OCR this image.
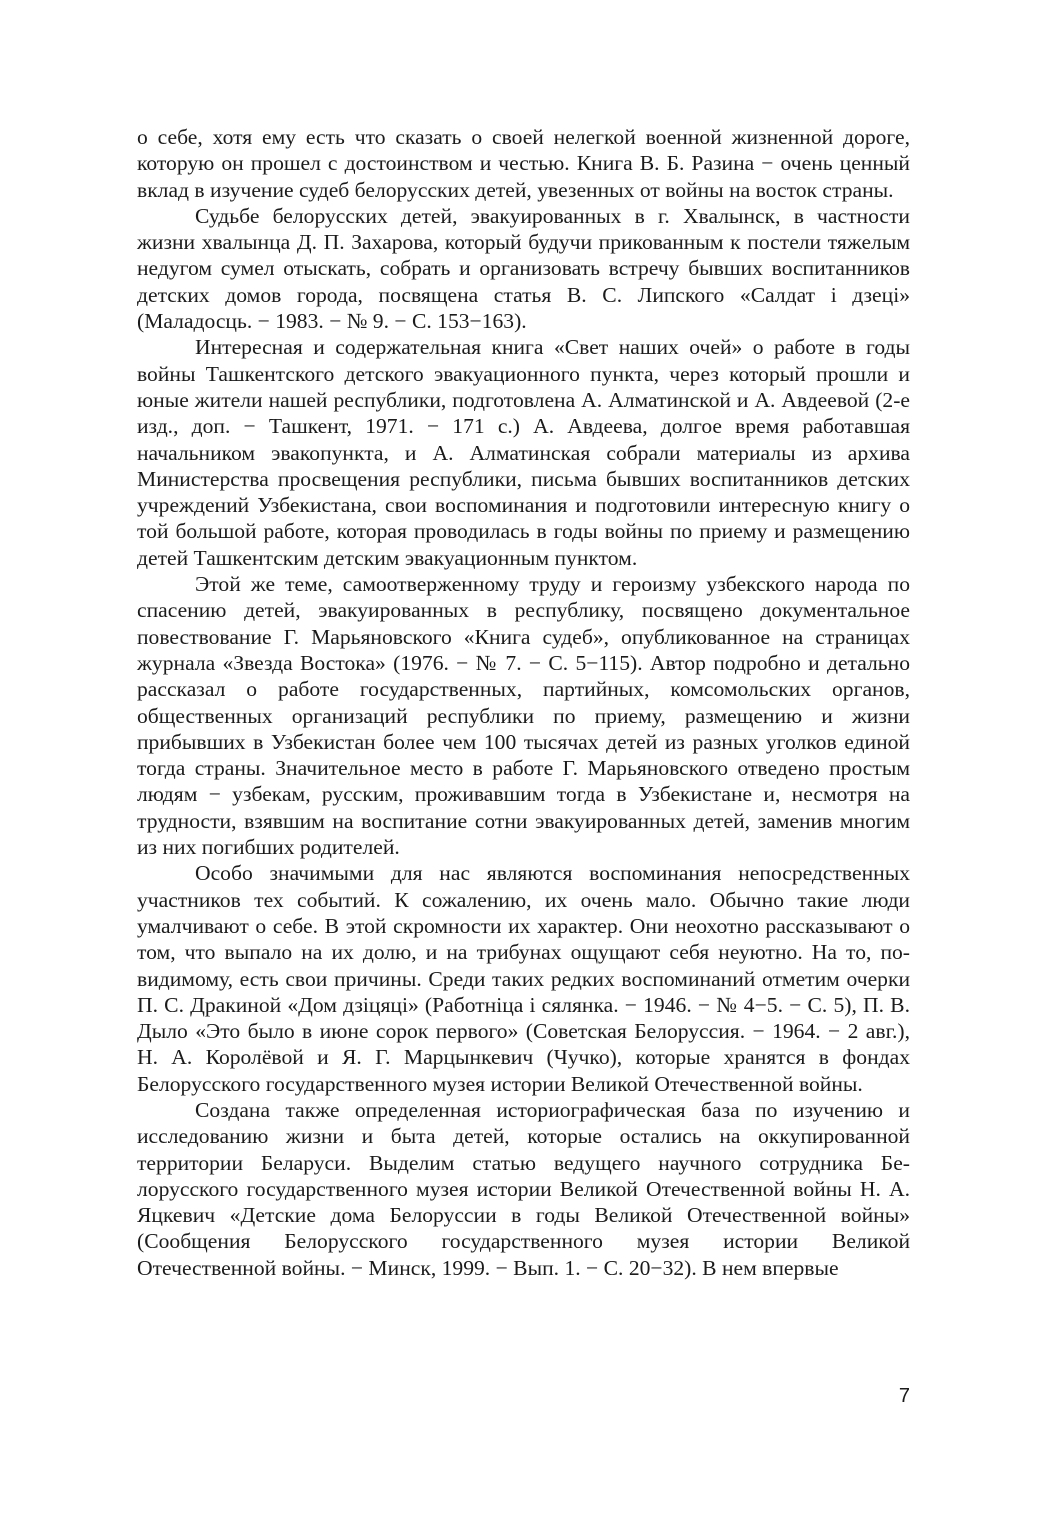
о себе, хотя ему есть что сказать о своей нелегкой военной жизненной дороге, которую он прошел с достоинством и честью. Книга В. Б. Разина − очень ценный вклад в изучение судеб белорусских детей, увезенных от войны на восток страны.

Судьбе белорусских детей, эвакуированных в г. Хвалынск, в частности жизни хвалынца Д. П. Захарова, который будучи прикованным к постели тяжелым недугом сумел отыскать, собрать и организовать встречу бывших воспитанников детских домов города, посвящена статья В. С. Липского «Салдат і дзеці» (Маладосць. − 1983. − № 9. − С. 153−163).

Интересная и содержательная книга «Свет наших очей» о работе в годы войны Ташкентского детского эвакуационного пункта, через который прошли и юные жители нашей республики, подготовлена А. Алматинской и А. Авдеевой (2-е изд., доп. − Ташкент, 1971. − 171 с.) А. Авдеева, долгое время работавшая начальником эвакопункта, и А. Алматинская собрали материалы из архива Министерства просвещения республики, письма бывших воспитанников детских учреждений Узбекистана, свои воспоминания и подготовили интересную книгу о той большой работе, которая проводилась в годы войны по приему и размещению детей Ташкентским детским эвакуационным пунктом.

Этой же теме, самоотверженному труду и героизму узбекского народа по спасению детей, эвакуированных в республику, посвящено документальное повествование Г. Марьяновского «Книга судеб», опубликованное на страницах журнала «Звезда Востока» (1976. − № 7. − С. 5−115). Автор подробно и детально рассказал о работе государственных, партийных, комсомольских органов, общественных организаций республики по приему, размещению и жизни прибывших в Узбекистан более чем 100 тысячах детей из разных уголков единой тогда страны. Значительное место в работе Г. Марьяновского отведено простым людям − узбекам, русским, проживавшим тогда в Узбекистане и, несмотря на трудности, взявшим на воспитание сотни эвакуированных детей, заменив многим из них погибших родителей.

Особо значимыми для нас являются воспоминания непосредственных участников тех событий. К сожалению, их очень мало. Обычно такие люди умалчивают о себе. В этой скромности их характер. Они неохотно рассказывают о том, что выпало на их долю, и на трибунах ощущают себя неуютно. На то, по-видимому, есть свои причины. Среди таких редких воспоминаний отметим очерки П. С. Дракиной «Дом дзіцяці» (Работніца і сялянка. − 1946. − № 4−5. − С. 5), П. В. Дыло «Это было в июне сорок первого» (Советская Белоруссия. − 1964. − 2 авг.), Н. А. Королёвой и Я. Г. Марцынкевич (Чучко), которые хранятся в фондах Белорусского государственного музея истории Великой Отечественной войны.

Создана также определенная историографическая база по изучению и исследованию жизни и быта детей, которые остались на оккупированной территории Беларуси. Выделим статью ведущего научного сотрудника Белорусского государственного музея истории Великой Отечественной войны Н. А. Яцкевич «Детские дома Белоруссии в годы Великой Отечественной войны» (Сообщения Белорусского государственного музея истории Великой Отечественной войны. − Минск, 1999. − Вып. 1. − С. 20−32). В нем впервые

7
